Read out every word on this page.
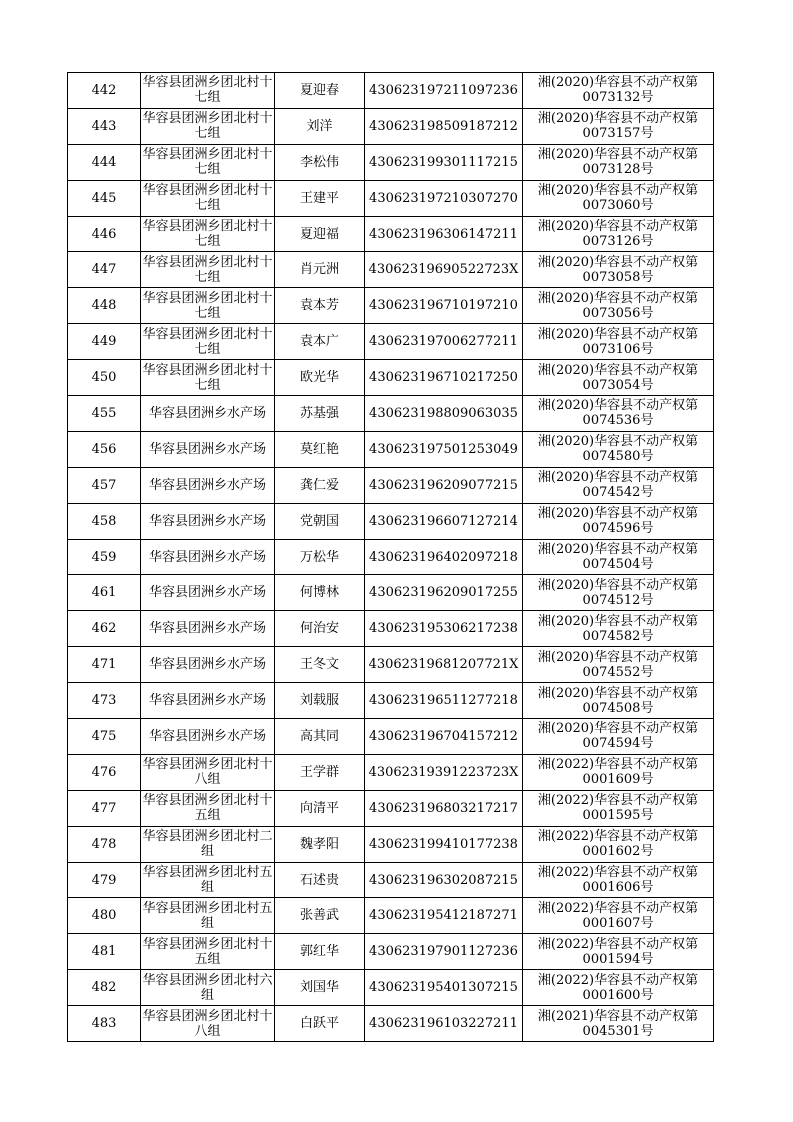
442	华容县团洲乡团北村十七组	夏迎春	430623197211097236	湘(2020)华容县不动产权第0073132号
443	华容县团洲乡团北村十七组	刘洋	430623198509187212	湘(2020)华容县不动产权第0073157号
444	华容县团洲乡团北村十七组	李松伟	430623199301117215	湘(2020)华容县不动产权第0073128号
445	华容县团洲乡团北村十七组	王建平	430623197210307270	湘(2020)华容县不动产权第0073060号
446	华容县团洲乡团北村十七组	夏迎福	430623196306147211	湘(2020)华容县不动产权第0073126号
447	华容县团洲乡团北村十七组	肖元洲	43062319690522723X	湘(2020)华容县不动产权第0073058号
448	华容县团洲乡团北村十七组	袁本芳	430623196710197210	湘(2020)华容县不动产权第0073056号
449	华容县团洲乡团北村十七组	袁本广	430623197006277211	湘(2020)华容县不动产权第0073106号
450	华容县团洲乡团北村十七组	欧光华	430623196710217250	湘(2020)华容县不动产权第0073054号
455	华容县团洲乡水产场	苏基强	430623198809063035	湘(2020)华容县不动产权第0074536号
456	华容县团洲乡水产场	莫红艳	430623197501253049	湘(2020)华容县不动产权第0074580号
457	华容县团洲乡水产场	龚仁爱	430623196209077215	湘(2020)华容县不动产权第0074542号
458	华容县团洲乡水产场	党朝国	430623196607127214	湘(2020)华容县不动产权第0074596号
459	华容县团洲乡水产场	万松华	430623196402097218	湘(2020)华容县不动产权第0074504号
461	华容县团洲乡水产场	何博林	430623196209017255	湘(2020)华容县不动产权第0074512号
462	华容县团洲乡水产场	何治安	430623195306217238	湘(2020)华容县不动产权第0074582号
471	华容县团洲乡水产场	王冬文	43062319681207721X	湘(2020)华容县不动产权第0074552号
473	华容县团洲乡水产场	刘载服	430623196511277218	湘(2020)华容县不动产权第0074508号
475	华容县团洲乡水产场	高其同	430623196704157212	湘(2020)华容县不动产权第0074594号
476	华容县团洲乡团北村十八组	王学群	43062319391223723X	湘(2022)华容县不动产权第0001609号
477	华容县团洲乡团北村十五组	向清平	430623196803217217	湘(2022)华容县不动产权第0001595号
478	华容县团洲乡团北村二组	魏孝阳	430623199410177238	湘(2022)华容县不动产权第0001602号
479	华容县团洲乡团北村五组	石述贵	430623196302087215	湘(2022)华容县不动产权第0001606号
480	华容县团洲乡团北村五组	张善武	430623195412187271	湘(2022)华容县不动产权第0001607号
481	华容县团洲乡团北村十五组	郭红华	430623197901127236	湘(2022)华容县不动产权第0001594号
482	华容县团洲乡团北村六组	刘国华	430623195401307215	湘(2022)华容县不动产权第0001600号
483	华容县团洲乡团北村十八组	白跃平	430623196103227211	湘(2021)华容县不动产权第0045301号
